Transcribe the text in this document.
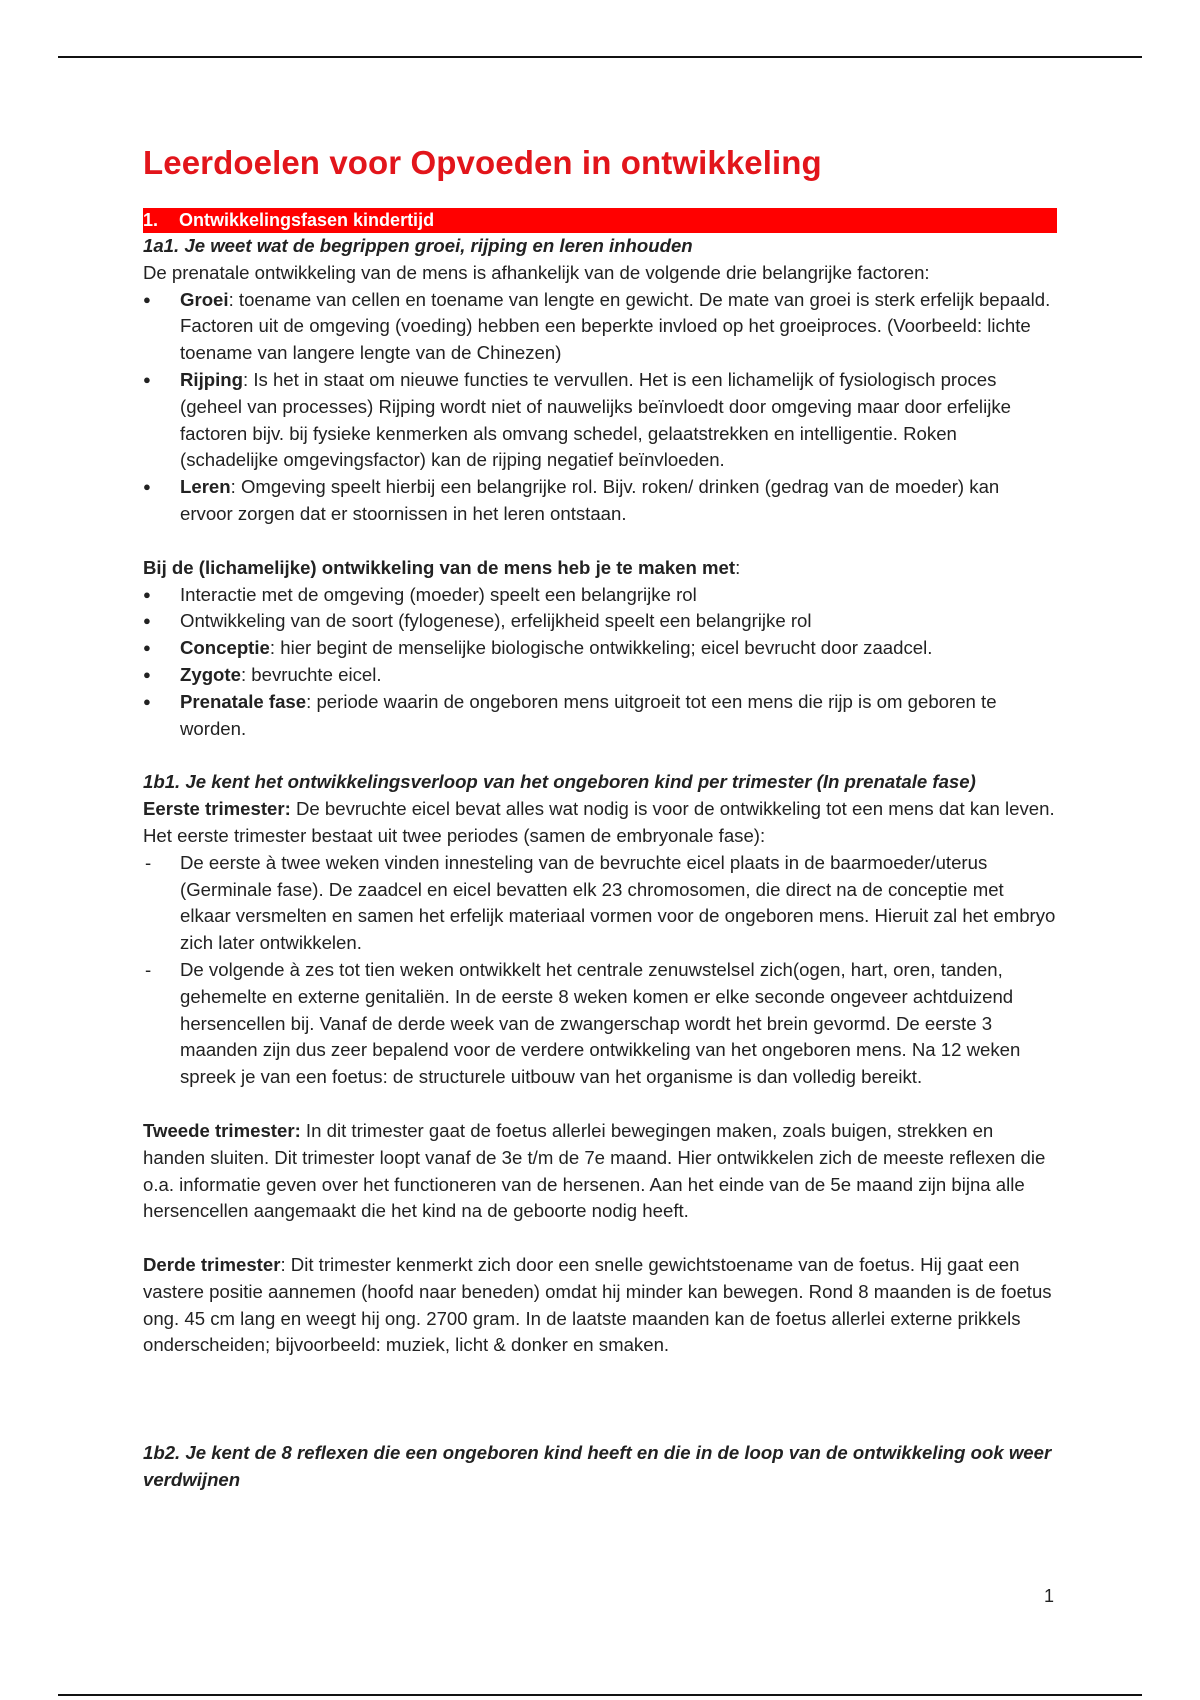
Leerdoelen voor Opvoeden in ontwikkeling
1. Ontwikkelingsfasen kindertijd

1a1. Je weet wat de begrippen groei, rijping en leren inhouden

De prenatale ontwikkeling van de mens is afhankelijk van de volgende drie belangrijke factoren:

● Groei: toename van cellen en toename van lengte en gewicht. De mate van groei is sterk erfelijk bepaald. Factoren uit de omgeving (voeding) hebben een beperkte invloed op het groeiproces. (Voorbeeld: lichte toename van langere lengte van de Chinezen)
● Rijping: Is het in staat om nieuwe functies te vervullen. Het is een lichamelijk of fysiologisch proces (geheel van processes) Rijping wordt niet of nauwelijks beïnvloedt door omgeving maar door erfelijke factoren bijv. bij fysieke kenmerken als omvang schedel, gelaatstrekken en intelligentie. Roken (schadelijke omgevingsfactor) kan de rijping negatief beïnvloeden.
● Leren: Omgeving speelt hierbij een belangrijke rol. Bijv. roken/ drinken (gedrag van de moeder) kan ervoor zorgen dat er stoornissen in het leren ontstaan.

Bij de (lichamelijke) ontwikkeling van de mens heb je te maken met:

● Interactie met de omgeving (moeder) speelt een belangrijke rol
● Ontwikkeling van de soort (fylogenese), erfelijkheid speelt een belangrijke rol
● Conceptie: hier begint de menselijke biologische ontwikkeling; eicel bevrucht door zaadcel.
● Zygote: bevruchte eicel.
● Prenatale fase: periode waarin de ongeboren mens uitgroeit tot een mens die rijp is om geboren te worden.

1b1. Je kent het ontwikkelingsverloop van het ongeboren kind per trimester (In prenatale fase)

Eerste trimester: De bevruchte eicel bevat alles wat nodig is voor de ontwikkeling tot een mens dat kan leven. Het eerste trimester bestaat uit twee periodes (samen de embryonale fase):

- De eerste à twee weken vinden innesteling van de bevruchte eicel plaats in de baarmoeder/uterus (Germinale fase). De zaadcel en eicel bevatten elk 23 chromosomen, die direct na de conceptie met elkaar versmelten en samen het erfelijk materiaal vormen voor de ongeboren mens. Hieruit zal het embryo zich later ontwikkelen.
- De volgende à zes tot tien weken ontwikkelt het centrale zenuwstelsel zich(ogen, hart, oren, tanden, gehemelte en externe genitaliën. In de eerste 8 weken komen er elke seconde ongeveer achtduizend hersencellen bij. Vanaf de derde week van de zwangerschap wordt het brein gevormd. De eerste 3 maanden zijn dus zeer bepalend voor de verdere ontwikkeling van het ongeboren mens. Na 12 weken spreek je van een foetus: de structurele uitbouw van het organisme is dan volledig bereikt.

Tweede trimester: In dit trimester gaat de foetus allerlei bewegingen maken, zoals buigen, strekken en handen sluiten. Dit trimester loopt vanaf de 3e t/m de 7e maand. Hier ontwikkelen zich de meeste reflexen die o.a. informatie geven over het functioneren van de hersenen. Aan het einde van de 5e maand zijn bijna alle hersencellen aangemaakt die het kind na de geboorte nodig heeft.

Derde trimester: Dit trimester kenmerkt zich door een snelle gewichtstoename van de foetus. Hij gaat een vastere positie aannemen (hoofd naar beneden) omdat hij minder kan bewegen. Rond 8 maanden is de foetus ong. 45 cm lang en weegt hij ong. 2700 gram. In de laatste maanden kan de foetus allerlei externe prikkels onderscheiden; bijvoorbeeld: muziek, licht & donker en smaken.

1b2. Je kent de 8 reflexen die een ongeboren kind heeft en die in de loop van de ontwikkeling ook weer verdwijnen

1
